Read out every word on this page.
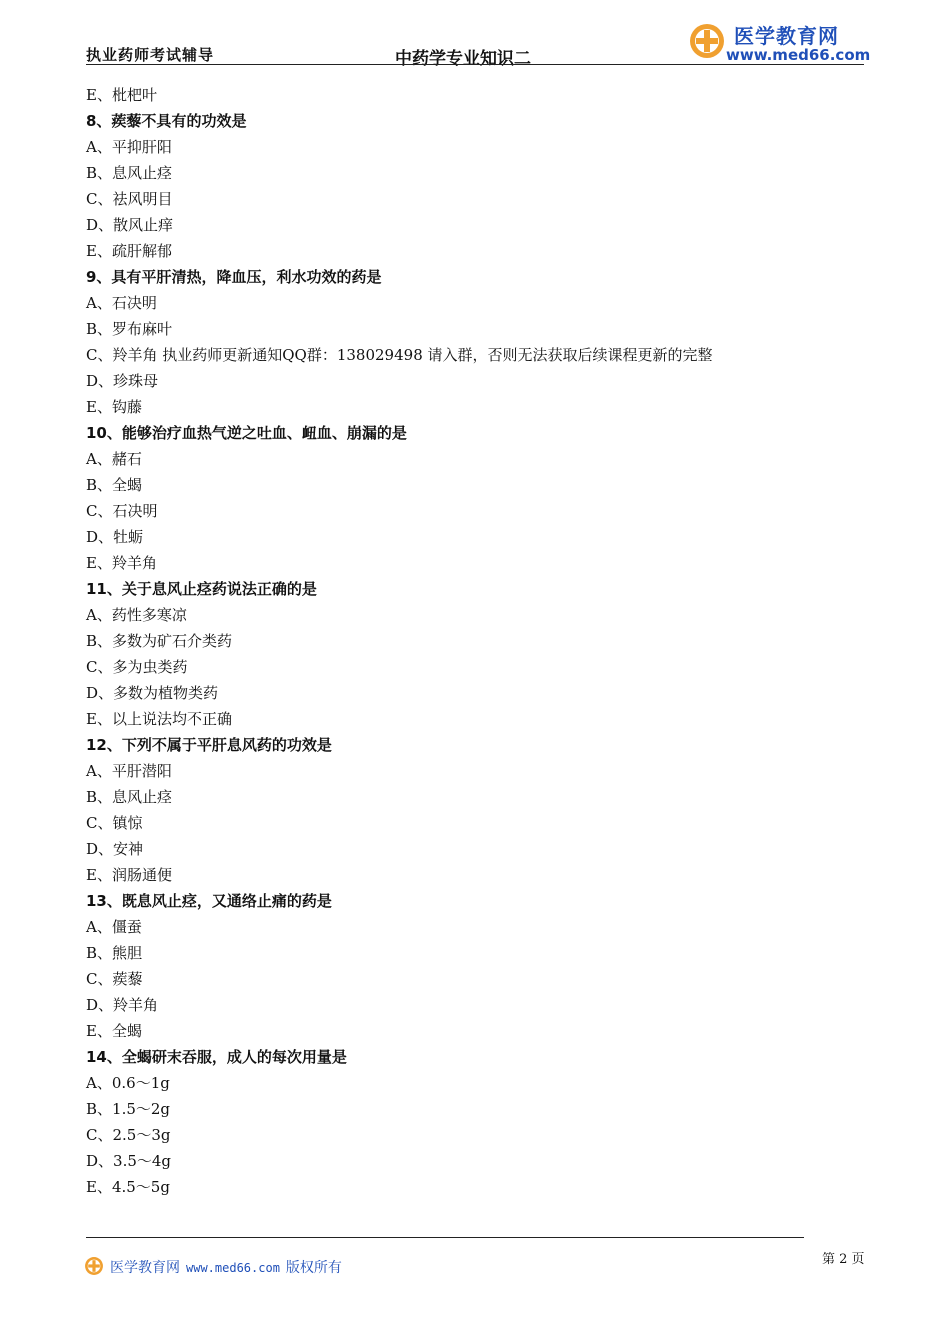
执业药师考试辅导	中药学专业知识二
医学教育网
www.med66.com
E、枇杷叶
8、蒺藜不具有的功效是
A、平抑肝阳
B、息风止痉
C、祛风明目
D、散风止痒
E、疏肝解郁
9、具有平肝清热，降血压，利水功效的药是
A、石决明
B、罗布麻叶
C、羚羊角 执业药师更新通知QQ群：138029498 请入群，否则无法获取后续课程更新的完整
D、珍珠母
E、钩藤
10、能够治疗血热气逆之吐血、衄血、崩漏的是
A、赭石
B、全蝎
C、石决明
D、牡蛎
E、羚羊角
11、关于息风止痉药说法正确的是
A、药性多寒凉
B、多数为矿石介类药
C、多为虫类药
D、多数为植物类药
E、以上说法均不正确
12、下列不属于平肝息风药的功效是
A、平肝潜阳
B、息风止痉
C、镇惊
D、安神
E、润肠通便
13、既息风止痉，又通络止痛的药是
A、僵蚕
B、熊胆
C、蒺藜
D、羚羊角
E、全蝎
14、全蝎研末吞服，成人的每次用量是
A、0.6～1g
B、1.5～2g
C、2.5～3g
D、3.5～4g
E、4.5～5g
医学教育网 www.med66.com 版权所有
第 2 页
